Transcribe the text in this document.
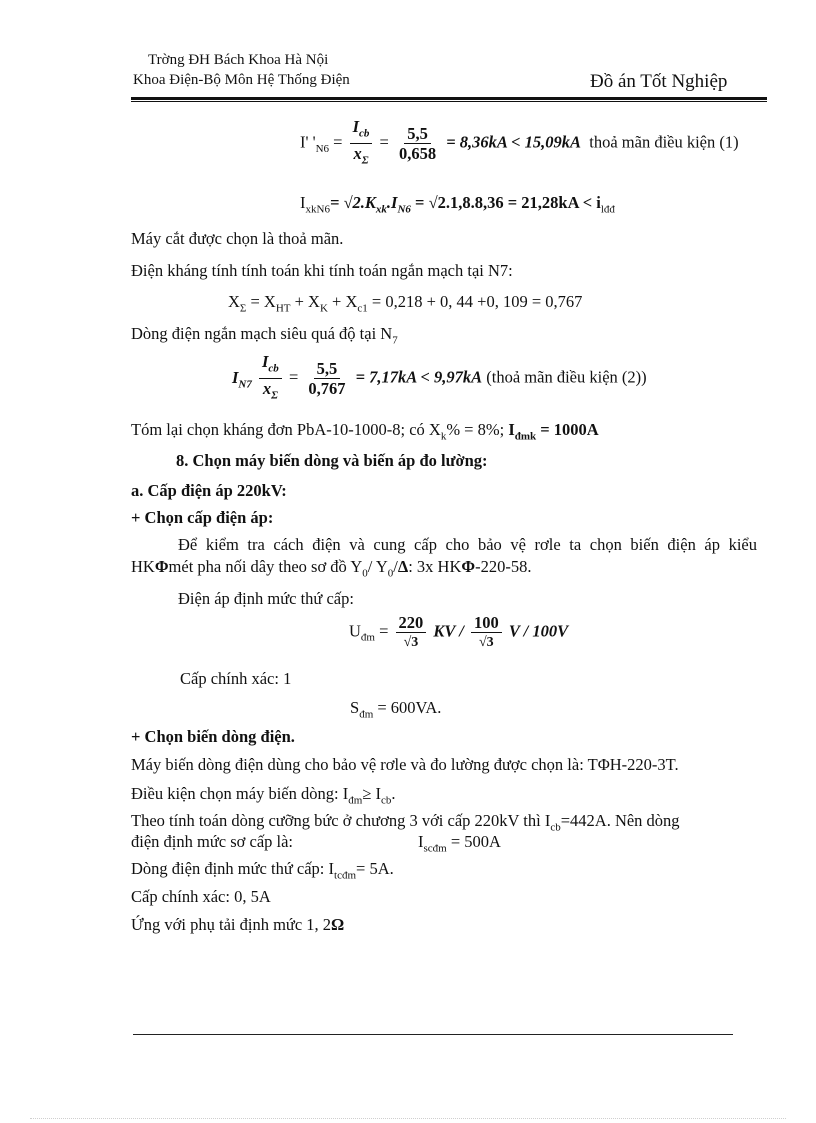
Trờng ĐH Bách Khoa Hà Nội
Khoa Điện-Bộ Môn Hệ Thống Điện	Đồ án Tốt Nghiệp
I' '$_{N6} = \frac{I_{cb}}{x_\Sigma} = \frac{5,5}{0,658} = 8,36kA < 15,09kA$ thoả mãn điều kiện (1)
$I_{xkN6}= √2.K_{xk}.I_{N6} = √2.1,8.8,36 = 21,28kA < i_{lđđ}$
Máy cắt được chọn là thoả mãn.
Điện kháng tính tính toán khi tính toán ngắn mạch tại N7:
$X_\Sigma = X_{HT} + X_K + X_{c1} = 0,218 + 0$, 44 +0, 109 = 0,767
Dòng điện ngắn mạch siêu quá độ tại $N_7$
$I_{N7} \frac{I_{cb}}{x_\Sigma} = \frac{5,5}{0,767} = 7,17kA < 9,97kA$ (thoả mãn điều kiện (2))
Tóm lại chọn kháng đơn PbA-10-1000-8; có $X_k\% = 8\%$; $I_{đmk} = 1000A$
8. Chọn máy biến dòng và biến áp đo lường:
a. Cấp điện áp 220kV:
+ Chọn cấp điện áp:
Để kiểm tra cách điện và cung cấp cho bảo vệ rơle ta chọn biến điện áp kiểu
HKΦmét pha nối dây theo sơ đồ $Y_0/$ $Y_0/\Delta$: 3x HKΦ-220-58.
Điện áp định mức thứ cấp:
$U_{đm} = \frac{220}{√3}$ KV / $\frac{100}{√3}$ V / 100V
Cấp chính xác: 1
$S_{đm} = 600VA$.
+ Chọn biến dòng điện.
Máy biến dòng điện dùng cho bảo vệ rơle và đo lường được chọn là: TΦH-220-3T.
Điều kiện chọn máy biến dòng: $I_{đm}\ge I_{cb}$.
Theo tính toán dòng cưỡng bức ở chương 3 với cấp 220kV thì $I_{cb}=442A$. Nên dòng
điện định mức sơ cấp là:	$I_{scđm} = 500A$
Dòng điện định mức thứ cấp: $I_{tcđm}= 5A$.
Cấp chính xác: 0, 5A
Ứng với phụ tải định mức 1, 2Ω
